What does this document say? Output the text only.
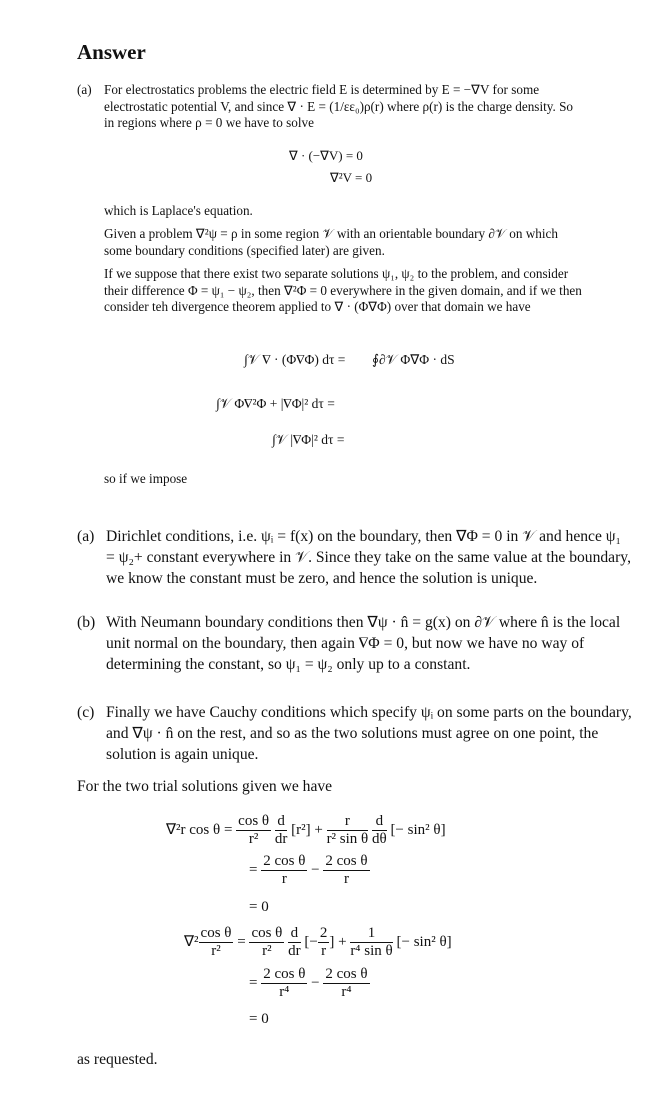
Answer
(a) For electrostatics problems the electric field E is determined by E = −∇V for some electrostatic potential V, and since ∇ · E = (1/εε₀)ρ(r) where ρ(r) is the charge density. So in regions where ρ = 0 we have to solve
∇ · (−∇V) = 0
∇²V = 0
which is Laplace's equation.
Given a problem ∇²ψ = ρ in some region 𝒱 with an orientable boundary ∂𝒱 on which some boundary conditions (specified later) are given.
If we suppose that there exist two separate solutions ψ₁, ψ₂ to the problem, and consider their difference Φ = ψ₁ − ψ₂, then ∇²Φ = 0 everywhere in the given domain, and if we then consider teh divergence theorem applied to ∇ · (Φ∇Φ) over that domain we have
∫𝒱 ∇ · (Φ∇Φ) dτ = ∮∂𝒱 Φ∇Φ · dS
∫𝒱 Φ∇²Φ + |∇Φ|² dτ =
∫𝒱 |∇Φ|² dτ =
so if we impose
(a) Dirichlet conditions, i.e. ψᵢ = f(x) on the boundary, then ∇Φ = 0 in 𝒱 and hence ψ₁ = ψ₂+ constant everywhere in 𝒱. Since they take on the same value at the boundary, we know the constant must be zero, and hence the solution is unique.
(b) With Neumann boundary conditions then ∇ψ · n̂ = g(x) on ∂𝒱 where n̂ is the local unit normal on the boundary, then again ∇Φ = 0, but now we have no way of determining the constant, so ψ₁ = ψ₂ only up to a constant.
(c) Finally we have Cauchy conditions which specify ψᵢ on some parts on the boundary, and ∇ψ · n̂ on the rest, and so as the two solutions must agree on one point, the solution is again unique.
For the two trial solutions given we have
∇²r $\cos \theta = \frac{\text{cos θ}}{\text{r²}}$
$\frac{d}{dr} [r^2] + \frac{r}{\text{r² sin θ}}$
$\frac{d}{d\theta}$ [− sin² θ]
= $\frac{\text{2 cos θ}}{r} - \frac{\text{2 cos θ}}{r}$
= 0
$\nabla^2 \frac{\text{cos θ}}{\text{r²}} = \frac{\text{cos θ}}{\text{r²}}$
$\frac{d}{dr}$ [− $\frac{2}{r}$ ] + $\frac{1}{\text{r⁴ sin θ}}$ [− sin² θ]
= $\frac{\text{2 cos θ}}{\text{r⁴}} - \frac{\text{2 cos θ}}{\text{r⁴}}$
= 0
as requested.
